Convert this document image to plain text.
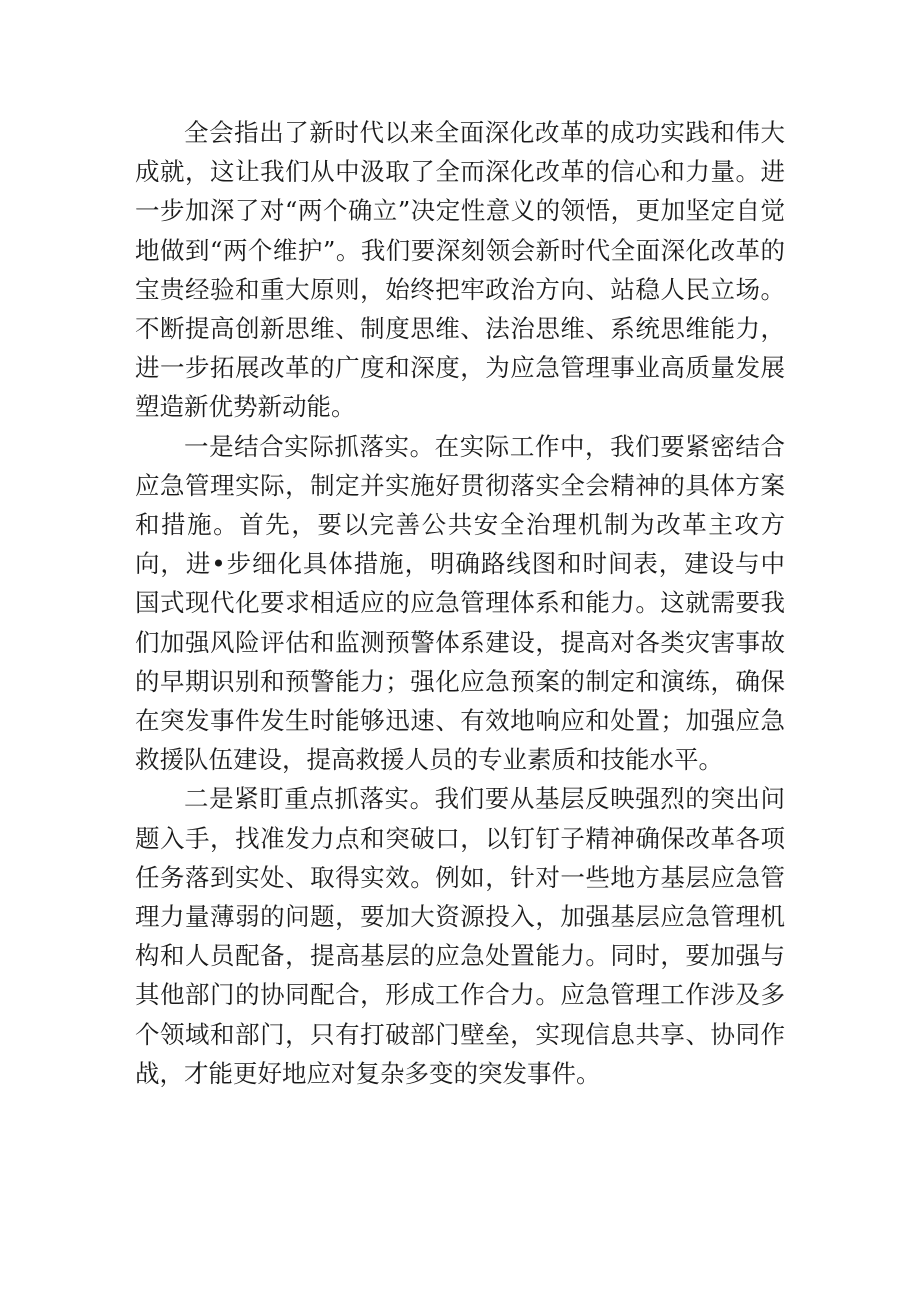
全会指出了新时代以来全面深化改革的成功实践和伟大成就，这让我们从中汲取了全而深化改革的信心和力量。进一步加深了对“两个确立”决定性意义的领悟，更加坚定自觉地做到“两个维护”。我们要深刻领会新时代全面深化改革的宝贵经验和重大原则，始终把牢政治方向、站稳人民立场。不断提高创新思维、制度思维、法治思维、系统思维能力，进一步拓展改革的广度和深度，为应急管理事业高质量发展塑造新优势新动能。

一是结合实际抓落实。在实际工作中，我们要紧密结合应急管理实际，制定并实施好贯彻落实全会精神的具体方案和措施。首先，要以完善公共安全治理机制为改革主攻方向，进•步细化具体措施，明确路线图和时间表，建设与中国式现代化要求相适应的应急管理体系和能力。这就需要我们加强风险评估和监测预警体系建设，提高对各类灾害事故的早期识别和预警能力；强化应急预案的制定和演练，确保在突发事件发生时能够迅速、有效地响应和处置；加强应急救援队伍建设，提高救援人员的专业素质和技能水平。

二是紧盯重点抓落实。我们要从基层反映强烈的突出问题入手，找准发力点和突破口，以钉钉子精神确保改革各项任务落到实处、取得实效。例如，针对一些地方基层应急管理力量薄弱的问题，要加大资源投入，加强基层应急管理机构和人员配备，提高基层的应急处置能力。同时，要加强与其他部门的协同配合，形成工作合力。应急管理工作涉及多个领域和部门，只有打破部门壁垒，实现信息共享、协同作战，才能更好地应对复杂多变的突发事件。
